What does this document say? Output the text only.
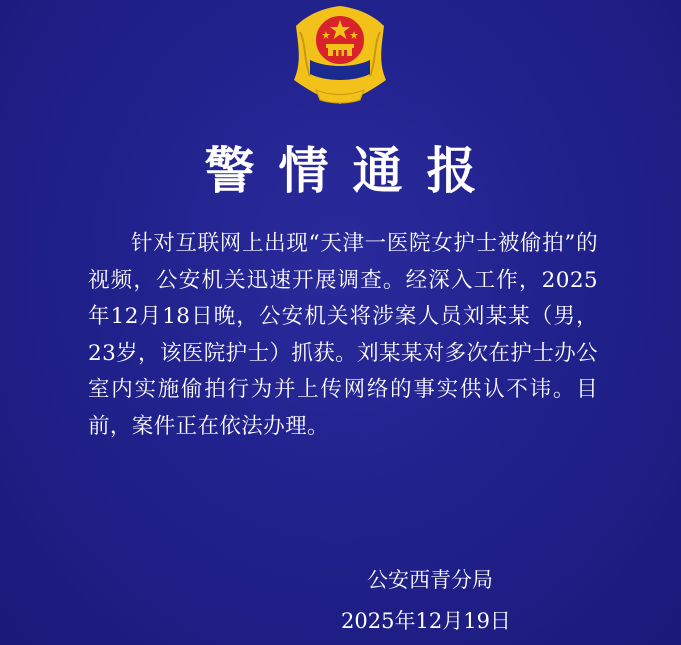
警情通报
针对互联网上出现“天津一医院女护士被偷拍”的视频，公安机关迅速开展调查。经深入工作，2025年12月18日晚，公安机关将涉案人员刘某某（男，23岁，该医院护士）抓获。刘某某对多次在护士办公室内实施偷拍行为并上传网络的事实供认不讳。目前，案件正在依法办理。
公安西青分局
2025年12月19日
